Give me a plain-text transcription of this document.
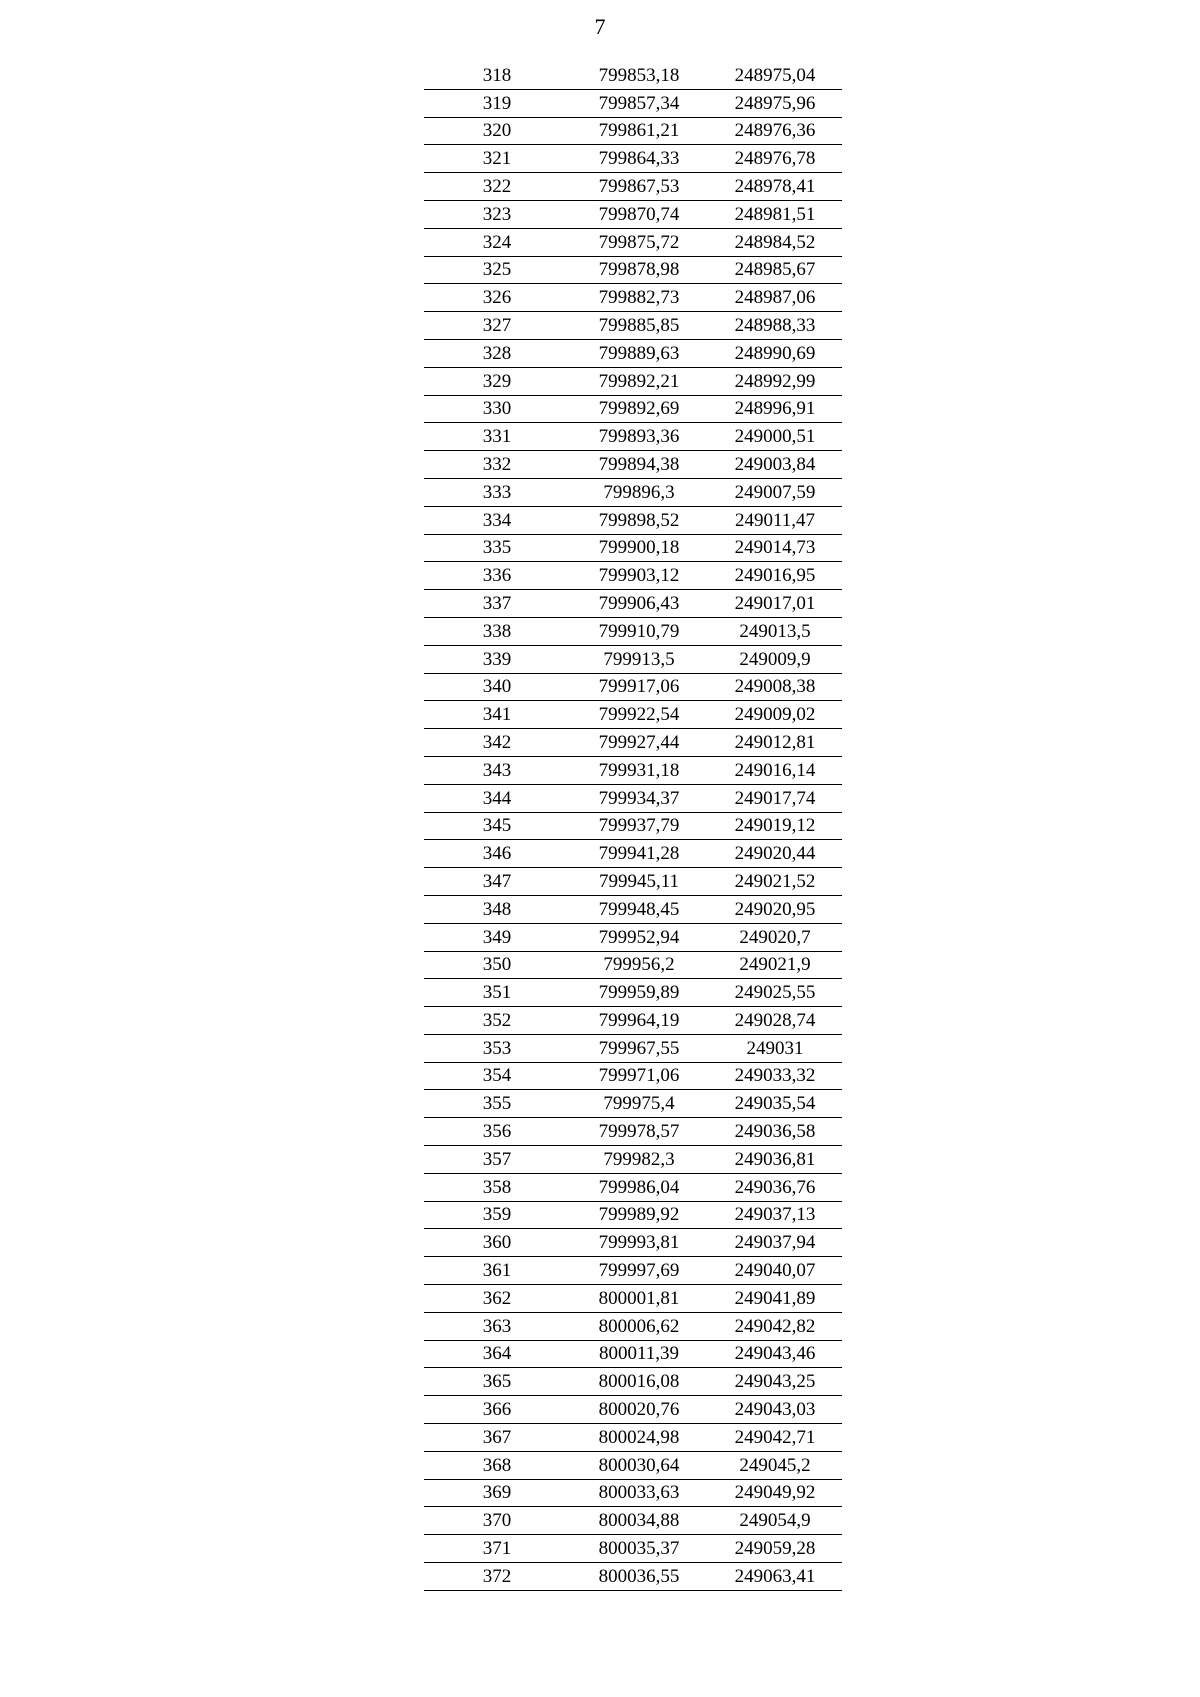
7
318	799853,18	248975,04
319	799857,34	248975,96
320	799861,21	248976,36
321	799864,33	248976,78
322	799867,53	248978,41
323	799870,74	248981,51
324	799875,72	248984,52
325	799878,98	248985,67
326	799882,73	248987,06
327	799885,85	248988,33
328	799889,63	248990,69
329	799892,21	248992,99
330	799892,69	248996,91
331	799893,36	249000,51
332	799894,38	249003,84
333	799896,3	249007,59
334	799898,52	249011,47
335	799900,18	249014,73
336	799903,12	249016,95
337	799906,43	249017,01
338	799910,79	249013,5
339	799913,5	249009,9
340	799917,06	249008,38
341	799922,54	249009,02
342	799927,44	249012,81
343	799931,18	249016,14
344	799934,37	249017,74
345	799937,79	249019,12
346	799941,28	249020,44
347	799945,11	249021,52
348	799948,45	249020,95
349	799952,94	249020,7
350	799956,2	249021,9
351	799959,89	249025,55
352	799964,19	249028,74
353	799967,55	249031
354	799971,06	249033,32
355	799975,4	249035,54
356	799978,57	249036,58
357	799982,3	249036,81
358	799986,04	249036,76
359	799989,92	249037,13
360	799993,81	249037,94
361	799997,69	249040,07
362	800001,81	249041,89
363	800006,62	249042,82
364	800011,39	249043,46
365	800016,08	249043,25
366	800020,76	249043,03
367	800024,98	249042,71
368	800030,64	249045,2
369	800033,63	249049,92
370	800034,88	249054,9
371	800035,37	249059,28
372	800036,55	249063,41
